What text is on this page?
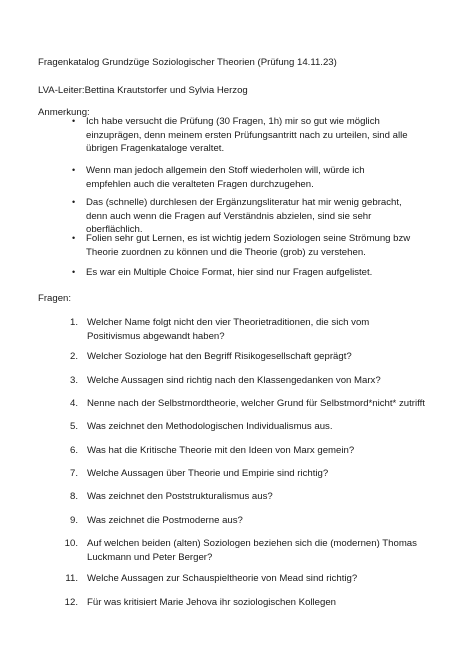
Fragenkatalog Grundzüge Soziologischer Theorien (Prüfung 14.11.23)
LVA-Leiter:Bettina Krautstorfer und Sylvia Herzog
Anmerkung:
• Ich habe versucht die Prüfung (30 Fragen, 1h) mir so gut wie möglich einzuprägen, denn meinem ersten Prüfungsantritt nach zu urteilen, sind alle übrigen Fragenkataloge veraltet.
• Wenn man jedoch allgemein den Stoff wiederholen will, würde ich empfehlen auch die veralteten Fragen durchzugehen.
• Das (schnelle) durchlesen der Ergänzungsliteratur hat mir wenig gebracht, denn auch wenn die Fragen auf Verständnis abzielen, sind sie sehr oberflächlich.
• Folien sehr gut Lernen, es ist wichtig jedem Soziologen seine Strömung bzw Theorie zuordnen zu können und die Theorie (grob) zu verstehen.
• Es war ein Multiple Choice Format, hier sind nur Fragen aufgelistet.
Fragen:
1. Welcher Name folgt nicht den vier Theorietraditionen, die sich vom Positivismus abgewandt haben?
2. Welcher Soziologe hat den Begriff Risikogesellschaft geprägt?
3. Welche Aussagen sind richtig nach den Klassengedanken von Marx?
4. Nenne nach der Selbstmordtheorie, welcher Grund für Selbstmord*nicht* zutrifft
5. Was zeichnet den Methodologischen Individualismus aus.
6. Was hat die Kritische Theorie mit den Ideen von Marx gemein?
7. Welche Aussagen über Theorie und Empirie sind richtig?
8. Was zeichnet den Poststrukturalismus aus?
9. Was zeichnet die Postmoderne aus?
10. Auf welchen beiden (alten) Soziologen beziehen sich die (modernen) Thomas Luckmann und Peter Berger?
11. Welche Aussagen zur Schauspieltheorie von Mead sind richtig?
12. Für was kritisiert Marie Jehova ihr soziologischen Kollegen
